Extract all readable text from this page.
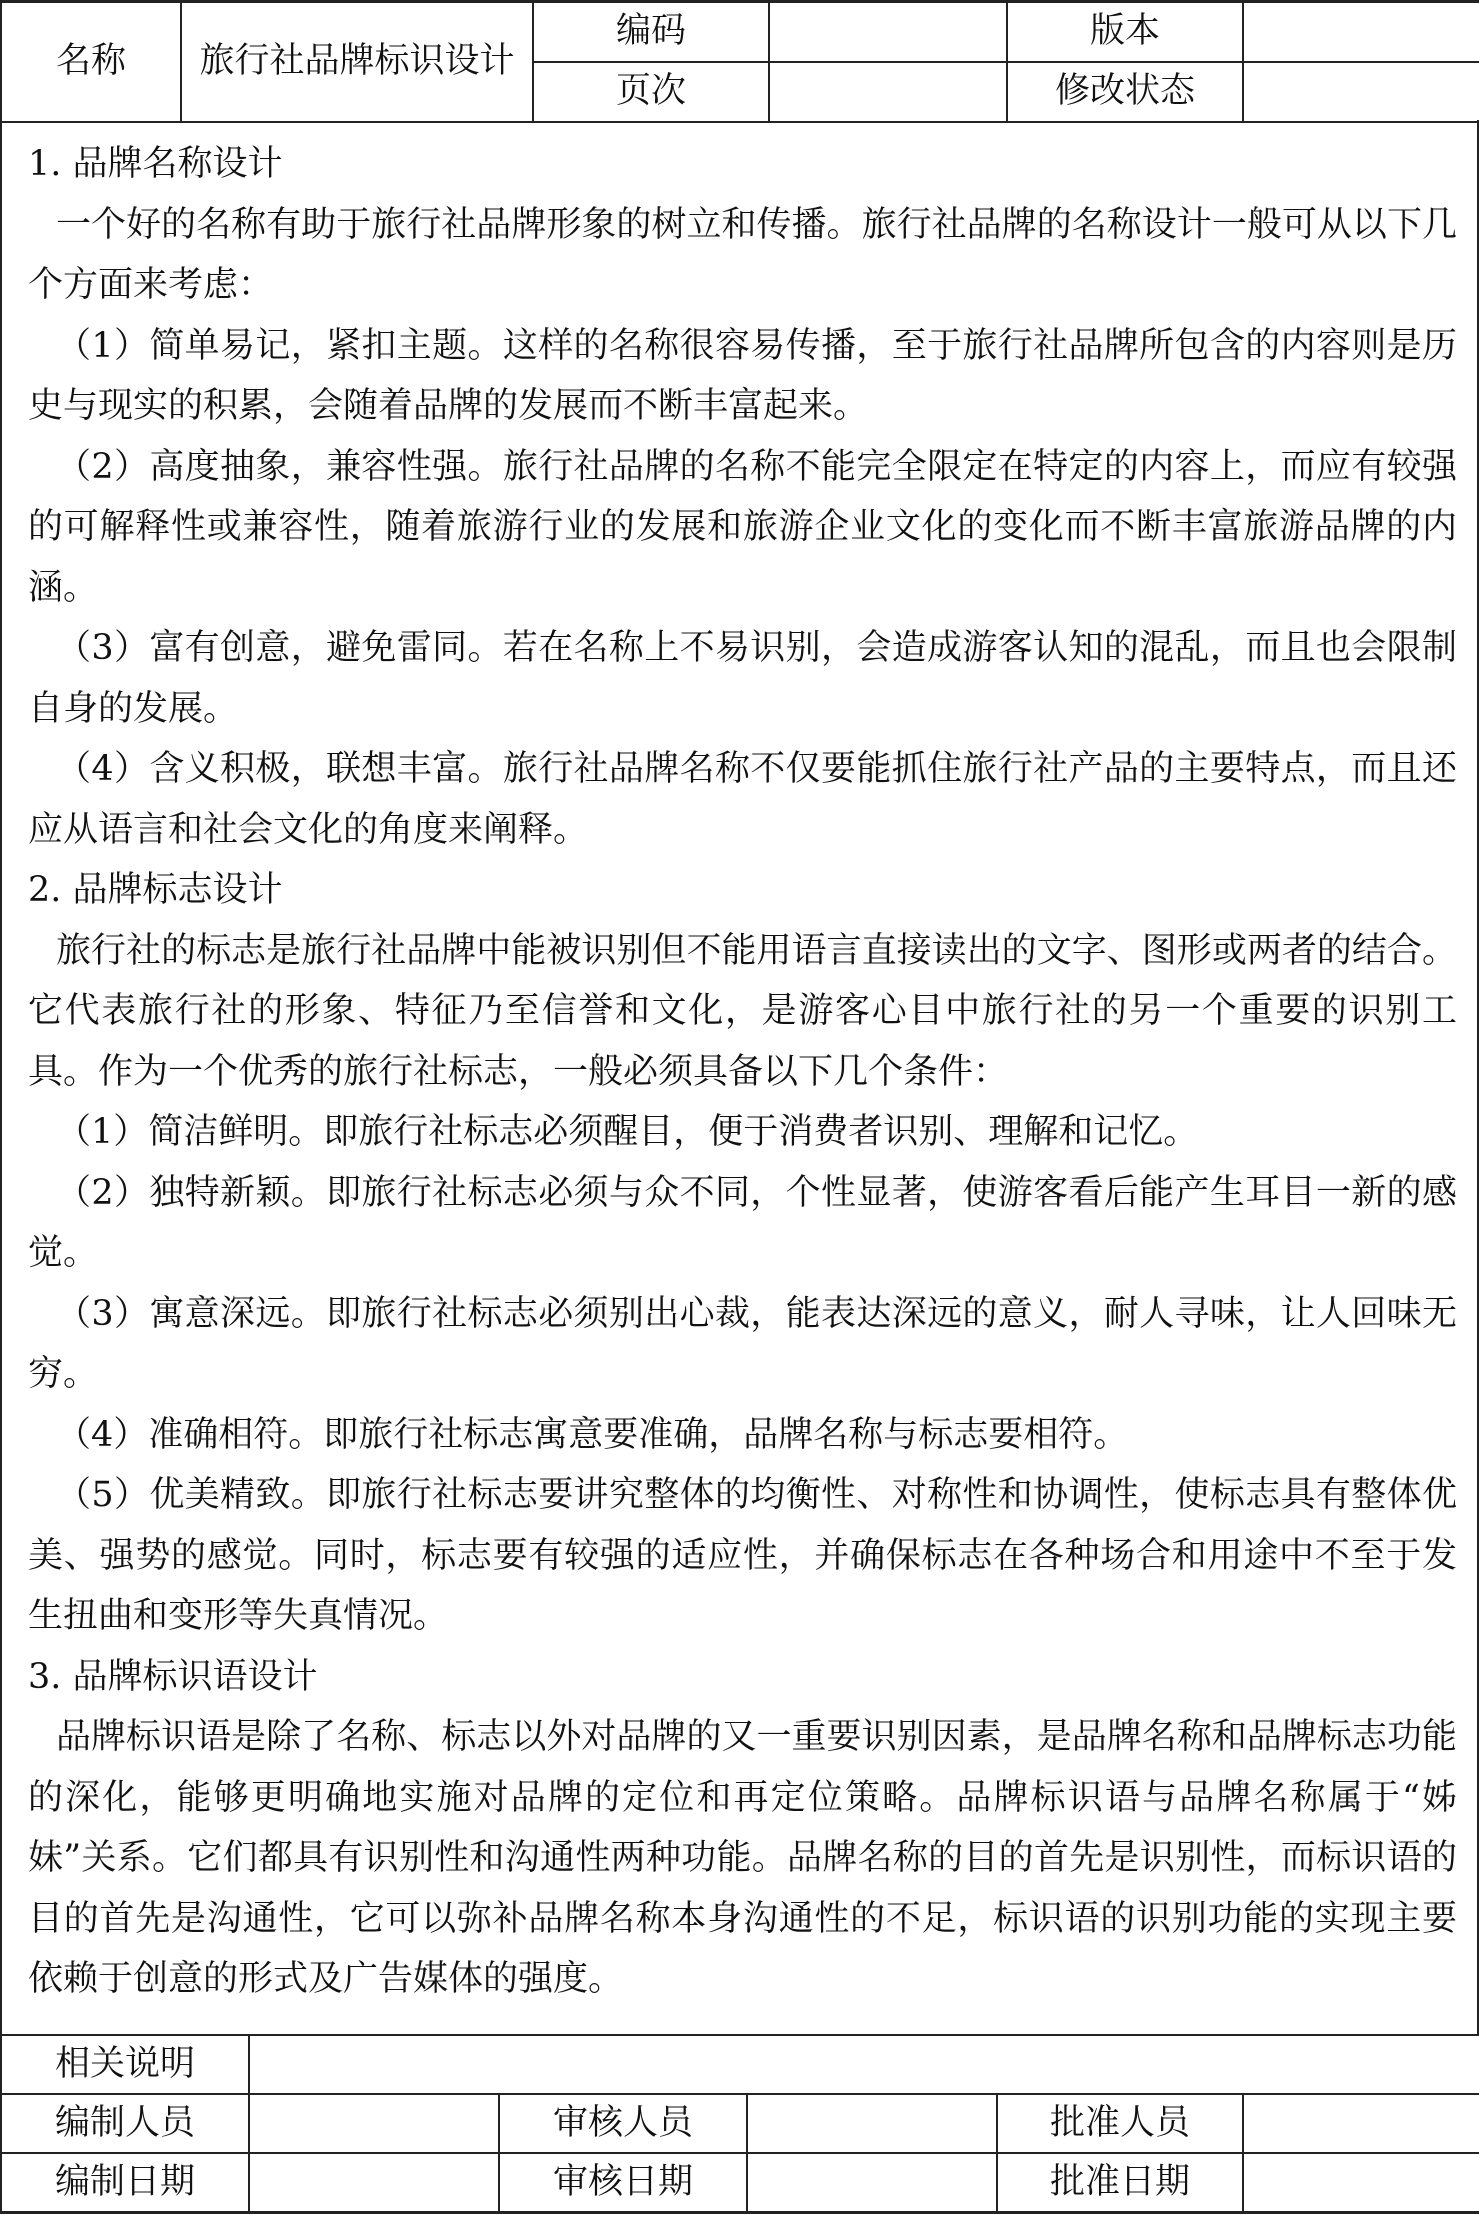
名称	旅行社品牌标识设计	编码		版本	
		页次		修改状态	

1. 品牌名称设计

一个好的名称有助于旅行社品牌形象的树立和传播。旅行社品牌的名称设计一般可从以下几个方面来考虑：

（1）简单易记，紧扣主题。这样的名称很容易传播，至于旅行社品牌所包含的内容则是历史与现实的积累，会随着品牌的发展而不断丰富起来。

（2）高度抽象，兼容性强。旅行社品牌的名称不能完全限定在特定的内容上，而应有较强的可解释性或兼容性，随着旅游行业的发展和旅游企业文化的变化而不断丰富旅游品牌的内涵。

（3）富有创意，避免雷同。若在名称上不易识别，会造成游客认知的混乱，而且也会限制自身的发展。

（4）含义积极，联想丰富。旅行社品牌名称不仅要能抓住旅行社产品的主要特点，而且还应从语言和社会文化的角度来阐释。

2. 品牌标志设计

旅行社的标志是旅行社品牌中能被识别但不能用语言直接读出的文字、图形或两者的结合。它代表旅行社的形象、特征乃至信誉和文化，是游客心目中旅行社的另一个重要的识别工具。作为一个优秀的旅行社标志，一般必须具备以下几个条件：

（1）简洁鲜明。即旅行社标志必须醒目，便于消费者识别、理解和记忆。

（2）独特新颖。即旅行社标志必须与众不同，个性显著，使游客看后能产生耳目一新的感觉。

（3）寓意深远。即旅行社标志必须别出心裁，能表达深远的意义，耐人寻味，让人回味无穷。

（4）准确相符。即旅行社标志寓意要准确，品牌名称与标志要相符。

（5）优美精致。即旅行社标志要讲究整体的均衡性、对称性和协调性，使标志具有整体优美、强势的感觉。同时，标志要有较强的适应性，并确保标志在各种场合和用途中不至于发生扭曲和变形等失真情况。

3. 品牌标识语设计

品牌标识语是除了名称、标志以外对品牌的又一重要识别因素，是品牌名称和品牌标志功能的深化，能够更明确地实施对品牌的定位和再定位策略。品牌标识语与品牌名称属于“姊妹”关系。它们都具有识别性和沟通性两种功能。品牌名称的目的首先是识别性，而标识语的目的首先是沟通性，它可以弥补品牌名称本身沟通性的不足，标识语的识别功能的实现主要依赖于创意的形式及广告媒体的强度。

相关说明					
编制人员		审核人员		批准人员	
编制日期		审核日期		批准日期	
